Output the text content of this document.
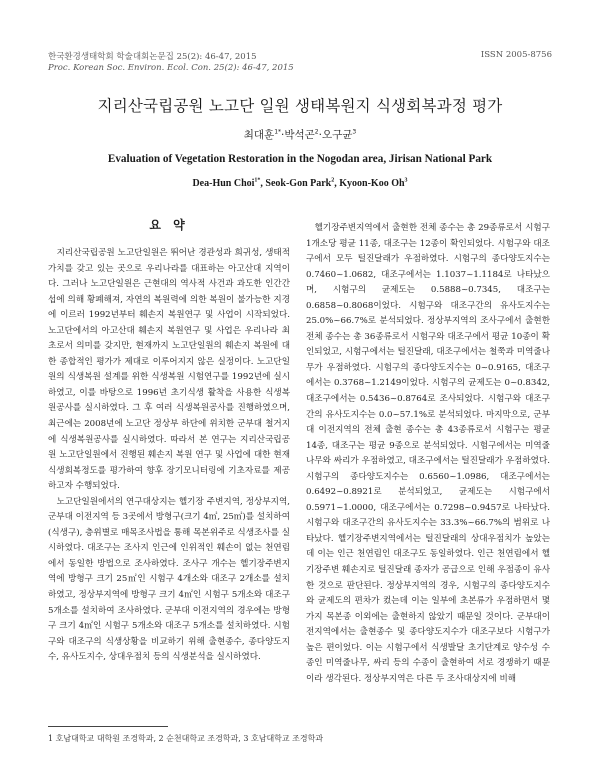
한국환경생태학회 학술대회논문집 25(2): 46-47, 2015
Proc. Korean Soc. Environ. Ecol. Con. 25(2): 46-47, 2015
ISSN 2005-8756
지리산국립공원 노고단 일원 생태복원지 식생회복과정 평가
최대훈$^{1*}$·박석곤$^2$·오구균$^3$
Evaluation of Vegetation Restoration in the Nogodan area, Jirisan National Park
Dea-Hun Choi$^{1*}$, Seok-Gon Park$^2$, Kyoon-Koo Oh$^3$
요 약

지리산국립공원 노고단일원은 뛰어난 경관성과 희귀성, 생태적 가치를 갖고 있는 곳으로 우리나라를 대표하는 아고산대 지역이다. 그러나 노고단일원은 근현대의 역사적 사건과 과도한 인간간섭에 의해 황폐해져, 자연의 복원력에 의한 복원이 불가능한 지경에 이르러 1992년부터 훼손지 복원연구 및 사업이 시작되었다. 노고단에서의 아고산대 훼손지 복원연구 및 사업은 우리나라 최초로서 의미를 갖지만, 현재까지 노고단일원의 훼손지 복원에 대한 종합적인 평가가 제대로 이루어지지 않은 실정이다. 노고단일원의 식생복원 설계를 위한 식생복원 시험연구를 1992년에 실시하였고, 이를 바탕으로 1996년 초기식생 활착을 사용한 식생복원공사를 실시하였다. 그 후 여러 식생복원공사를 진행하였으며, 최근에는 2008년에 노고단 정상부 하단에 위치한 군부대 철거지에 식생복원공사를 실시하였다. 따라서 본 연구는 지리산국립공원 노고단일원에서 진행된 훼손지 복원 연구 및 사업에 대한 현재 식생회복정도를 평가하여 향후 장기모니터링에 기초자료를 제공하고자 수행되었다.

노고단일원에서의 연구대상지는 헬기장 주변지역, 정상부지역, 군부대 이전지역 등 3곳에서 방형구(크기 4㎡, 25㎡)를 설치하여(식생구), 층위별로 매목조사법을 통해 목본위주로 식생조사를 실시하였다. 대조구는 조사지 인근에 인위적인 훼손이 없는 천연림에서 동일한 방법으로 조사하였다. 조사구 개수는 헬기장주변지역에 방형구 크기 25㎡인 시험구 4개소와 대조구 2개소를 설치하였고, 정상부지역에 방형구 크기 4㎡인 시험구 5개소와 대조구 5개소를 설치하여 조사하였다. 군부대 이전지역의 경우에는 방형구 크기 4㎡인 시험구 5개소와 대조구 5개소를 설치하였다. 시험구와 대조구의 식생상황을 비교하기 위해 출현종수, 종다양도지수, 유사도지수, 상대우점치 등의 식생분석을 실시하였다.

헬기장주변지역에서 출현한 전체 종수는 총 29종류로서 시험구 1개소당 평균 11종, 대조구는 12종이 확인되었다. 시험구와 대조구에서 모두 털진달래가 우점하였다. 시험구의 종다양도지수는 0.7460~1.0682, 대조구에서는 1.1037~1.1184로 나타났으며, 시험구의 균제도는 0.5888~0.7345, 대조구는 0.6858~0.8068이었다. 시험구와 대조구간의 유사도지수는 25.0%~66.7%로 분석되었다. 정상부지역의 조사구에서 출현한 전체 종수는 총 36종류로서 시험구와 대조구에서 평균 10종이 확인되었고, 시험구에서는 털진달래, 대조구에서는 철쭉과 미역줄나무가 우점하였다. 시험구의 종다양도지수는 0~0.9165, 대조구에서는 0.3768~1.2149이었다. 시험구의 균제도는 0~0.8342, 대조구에서는 0.5436~0.8764로 조사되었다. 시험구와 대조구간의 유사도지수는 0.0~57.1%로 분석되었다. 마지막으로, 군부대 이전지역의 전체 출현 종수는 총 43종류로서 시험구는 평균 14종, 대조구는 평균 9종으로 분석되었다. 시험구에서는 미역줄나무와 싸리가 우점하였고, 대조구에서는 털진달래가 우점하였다. 시험구의 종다양도지수는 0.6560~1.0986, 대조구에서는 0.6492~0.8921로 분석되었고, 균제도는 시험구에서 0.5971~1.0000, 대조구에서는 0.7298~0.9457로 나타났다. 시험구와 대조구간의 유사도지수는 33.3%~66.7%의 범위로 나타났다. 헬기장주변지역에서는 털진달래의 상대우점치가 높았는데 이는 인근 천연림인 대조구도 동일하였다. 인근 천연림에서 헬기장주변 훼손지로 털진달래 종자가 공급으로 인해 우점종이 유사한 것으로 판단된다. 정상부지역의 경우, 시험구의 종다양도지수와 균제도의 편차가 컸는데 이는 일부에 초본류가 우점하면서 몇 가지 목본종 이외에는 출현하지 않았기 때문일 것이다. 군부대이전지역에서는 출현종수 및 종다양도지수가 대조구보다 시험구가 높은 편이었다. 이는 시험구에서 식생발달 초기단계로 양수성 수종인 미역줄나무, 싸리 등의 수종이 출현하여 서로 경쟁하기 때문이라 생각된다. 정상부지역은 다른 두 조사대상지에 비해

1 호남대학교 대학원 조경학과, 2 순천대학교 조경학과, 3 호남대학교 조경학과
